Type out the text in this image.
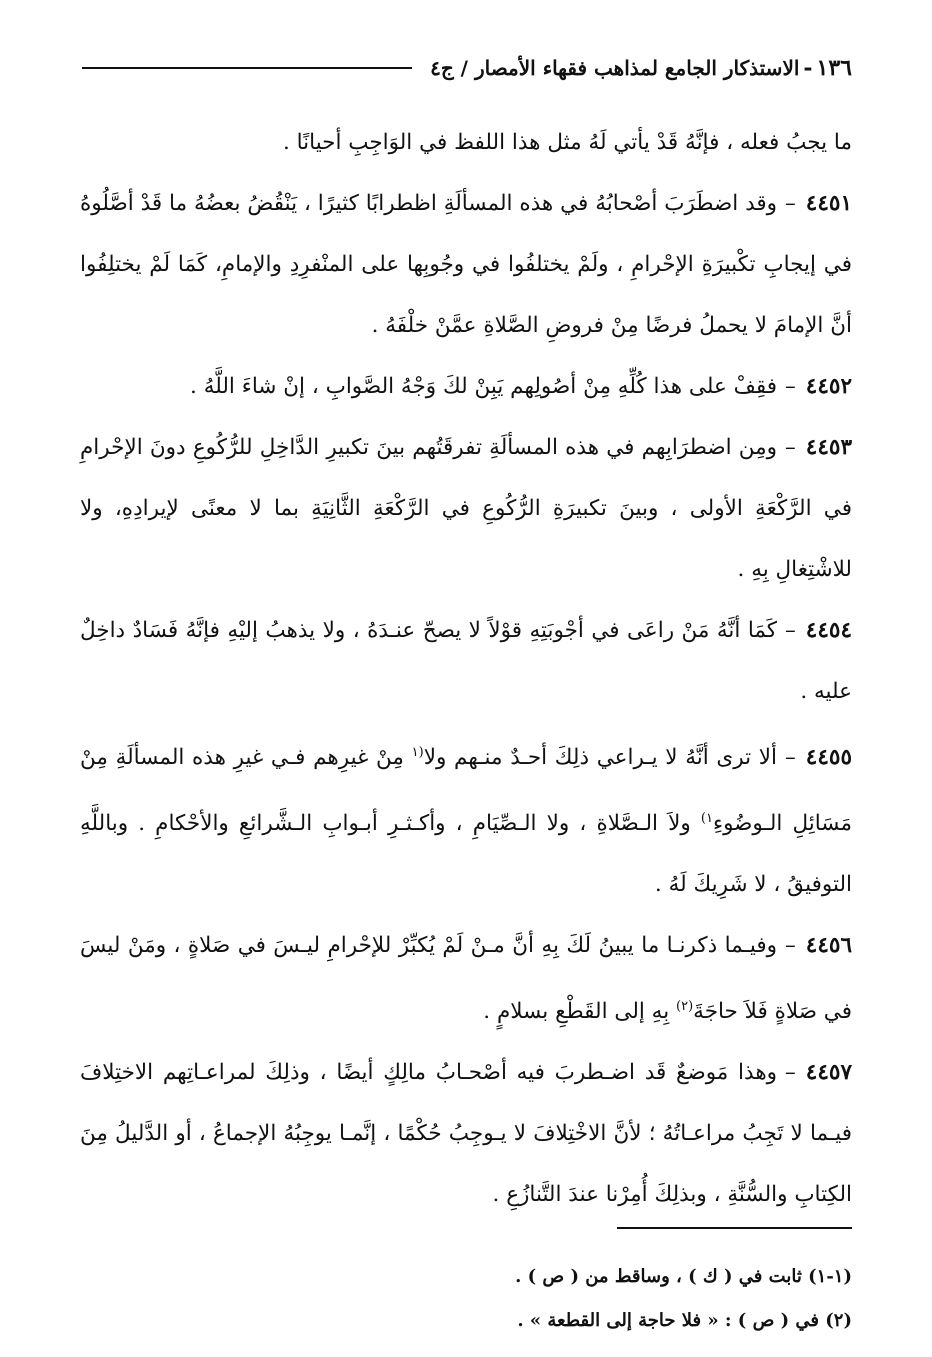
١٣٦
-
الاستذكار الجامع لمذاهب فقهاء الأمصار / ج٤

ما يجبُ فعله ، فإنَّهُ قَدْ يأتي لَهُ مثل هذا اللفظ في الوَاجِبِ أحيانًا .

٤٤٥١–وقد اضطَرَبَ أصْحابُهُ في هذه المسألَةِ اظطرابًا كثيرًا ، يَنْقُضُ بعضُهُ ما قَدْ أصَّلُوهُ في إيجابِ تكْبيرَةِ الإحْرامِ ، ولَمْ يختلفُوا في وجُوبِها على المنْفرِدِ والإمامِ، كَمَا لَمْ يختلِفُوا أنَّ الإمامَ لا يحملُ فرضًا مِنْ فروضِ الصَّلاةِ عمَّنْ خلْفَهُ .

٤٤٥٢–فقِفْ على هذا كُلِّهِ مِنْ أصُولِهم يَبِنْ لكَ وَجْهُ الصَّوابِ ، إنْ شاءَ اللَّهُ .

٤٤٥٣–ومِن اضطرَابِهم في هذه المسألَةِ تفرقَتُهم بينَ تكبيرِ الدَّاخِلِ للرُّكُوعِ دونَ الإحْرامِ في الرَّكْعَةِ الأولى ، وبينَ تكبيرَةِ الرُّكُوعِ في الرَّكْعَةِ الثَّانِيَةِ بما لا معنًى لإيرادِهِ، ولا للاشْتِغالِ بِهِ .

٤٤٥٤–كَمَا أنَّهُ مَنْ راعَى في أجْوبَتِهِ قوْلاً لا يصحّ عنـدَهُ ، ولا يذهبُ إليْهِ فإنَّهُ فَسَادٌ داخِلٌ عليه .

٤٤٥٥–ألا ترى أنَّهُ لا يـراعي ذلِكَ أحـدٌ منـهم ولا$^{(١}$ مِنْ غيرِهم فـي غيرِ هذه المسألَةِ مِنْ مَسَائِلِ الـوضُوءِ$^{١)}$ ولاَ الـصَّلاةِ ، ولا الـصِّيَامِ ، وأكـثـرِ أبـوابِ الـشَّرائعِ والأحْكامِ . وباللَّهِ التوفيقُ ، لا شَرِيكَ لَهُ .

٤٤٥٦–وفيـما ذكرنـا ما يبينُ لَكَ بِهِ أنَّ مـنْ لَمْ يُكبِّرْ للإحْرامِ ليـسَ في صَلاةٍ ، ومَنْ ليسَ في صَلاةٍ فَلاَ حاجَةَ$^{(٢)}$ بِهِ إلى القَطْعِ بسلامٍ .

٤٤٥٧–وهذا مَوضعٌ قَد اضـطربَ فيه أصْحـابُ مالِكٍ أيضًا ، وذلِكَ لمراعـاتِهم الاختِلافَ فيـما لا تَجِبُ مراعـاتُهُ ؛ لأنَّ الاخْتِلافَ لا يـوجِبُ حُكْمًا ، إنَّمـا يوجِبُهُ الإجماعُ ، أو الدَّليلُ مِنَ الكِتابِ والسُّنَّةِ ، وبذلِكَ أُمِرْنا عندَ التَّنازُعِ .

(١-١) ثابت في ( ك ) ، وساقط من ( ص ) .

(٢) في ( ص ) : « فلا حاجة إلى القطعة » .
